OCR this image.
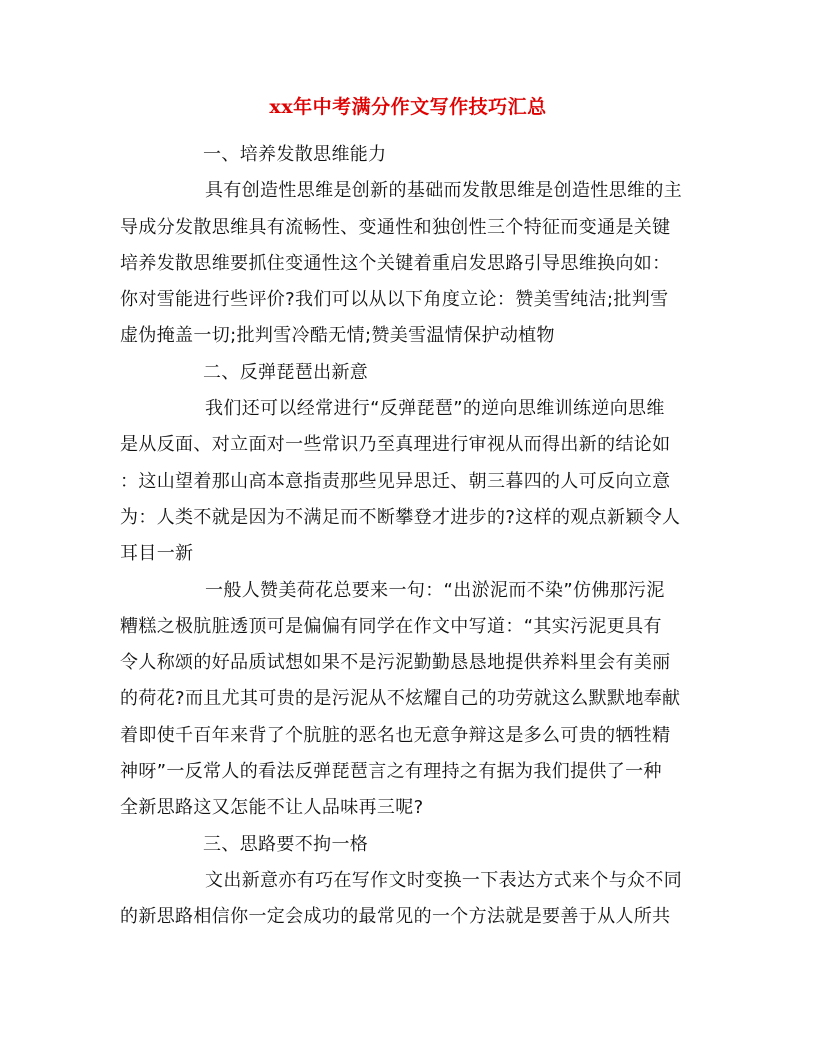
xx年中考满分作文写作技巧汇总
一、培养发散思维能力
具有创造性思维是创新的基础而发散思维是创造性思维的主
导成分发散思维具有流畅性、变通性和独创性三个特征而变通是关键
培养发散思维要抓住变通性这个关键着重启发思路引导思维换向如：
你对雪能进行些评价?我们可以从以下角度立论：赞美雪纯洁;批判雪
虚伪掩盖一切;批判雪冷酷无情;赞美雪温情保护动植物
二、反弹琵琶出新意
我们还可以经常进行“反弹琵琶”的逆向思维训练逆向思维
是从反面、对立面对一些常识乃至真理进行审视从而得出新的结论如
：这山望着那山高本意指责那些见异思迁、朝三暮四的人可反向立意
为：人类不就是因为不满足而不断攀登才进步的?这样的观点新颖令人
耳目一新
一般人赞美荷花总要来一句：“出淤泥而不染”仿佛那污泥
糟糕之极肮脏透顶可是偏偏有同学在作文中写道：“其实污泥更具有
令人称颂的好品质试想如果不是污泥勤勤恳恳地提供养料里会有美丽
的荷花?而且尤其可贵的是污泥从不炫耀自己的功劳就这么默默地奉献
着即使千百年来背了个肮脏的恶名也无意争辩这是多么可贵的牺牲精
神呀”一反常人的看法反弹琵琶言之有理持之有据为我们提供了一种
全新思路这又怎能不让人品味再三呢?
三、思路要不拘一格
文出新意亦有巧在写作文时变换一下表达方式来个与众不同
的新思路相信你一定会成功的最常见的一个方法就是要善于从人所共
